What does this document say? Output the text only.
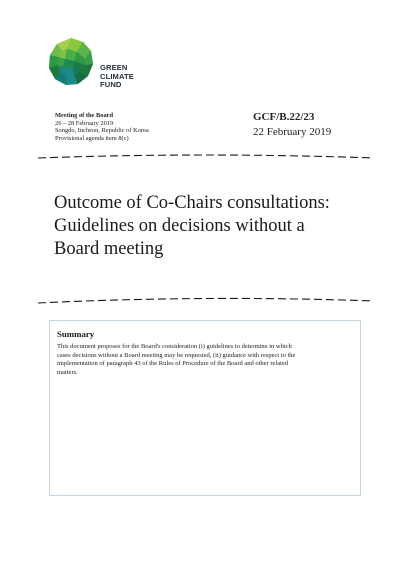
GREEN
CLIMATE
FUND
Meeting of the Board
26 – 28 February 2019
Songdo, Incheon, Republic of Korea
Provisional agenda item 8(c)
GCF/B.22/23
22 February 2019
Outcome of Co-Chairs consultations:
Guidelines on decisions without a
Board meeting
Summary
This document proposes for the Board's consideration (i) guidelines to determine in which
cases decisions without a Board meeting may be requested, (ii) guidance with respect to the
implementation of paragraph 43 of the Rules of Procedure of the Board and other related
matters.
